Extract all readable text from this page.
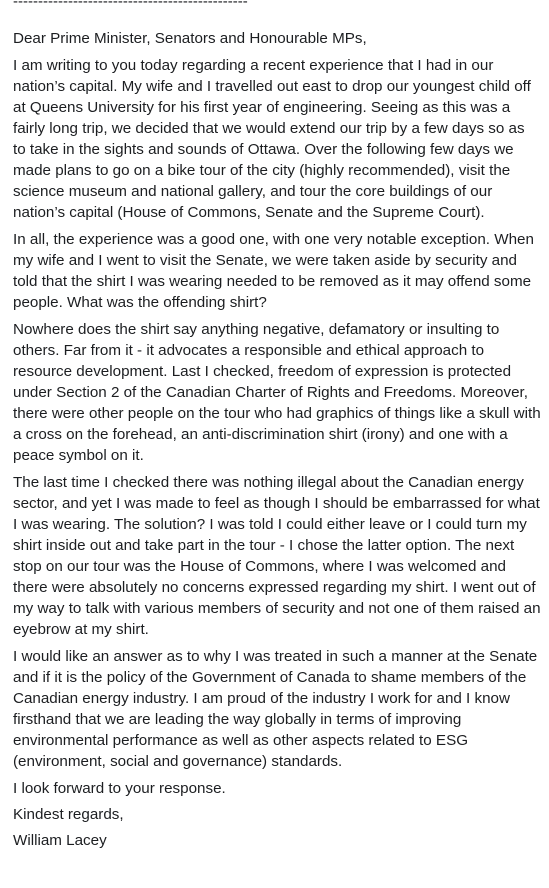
-----------------------------------------------

Dear Prime Minister, Senators and Honourable MPs,

I am writing to you today regarding a recent experience that I had in our nation’s capital. My wife and I travelled out east to drop our youngest child off at Queens University for his first year of engineering. Seeing as this was a fairly long trip, we decided that we would extend our trip by a few days so as to take in the sights and sounds of Ottawa. Over the following few days we made plans to go on a bike tour of the city (highly recommended), visit the science museum and national gallery, and tour the core buildings of our nation’s capital (House of Commons, Senate and the Supreme Court).

In all, the experience was a good one, with one very notable exception. When my wife and I went to visit the Senate, we were taken aside by security and told that the shirt I was wearing needed to be removed as it may offend some people. What was the offending shirt?

Nowhere does the shirt say anything negative, defamatory or insulting to others. Far from it - it advocates a responsible and ethical approach to resource development. Last I checked, freedom of expression is protected under Section 2 of the Canadian Charter of Rights and Freedoms. Moreover, there were other people on the tour who had graphics of things like a skull with a cross on the forehead, an anti-discrimination shirt (irony) and one with a peace symbol on it.

The last time I checked there was nothing illegal about the Canadian energy sector, and yet I was made to feel as though I should be embarrassed for what I was wearing. The solution? I was told I could either leave or I could turn my shirt inside out and take part in the tour - I chose the latter option. The next stop on our tour was the House of Commons, where I was welcomed and there were absolutely no concerns expressed regarding my shirt. I went out of my way to talk with various members of security and not one of them raised an eyebrow at my shirt.

I would like an answer as to why I was treated in such a manner at the Senate and if it is the policy of the Government of Canada to shame members of the Canadian energy industry. I am proud of the industry I work for and I know firsthand that we are leading the way globally in terms of improving environmental performance as well as other aspects related to ESG (environment, social and governance) standards.

I look forward to your response.

Kindest regards,

William Lacey
